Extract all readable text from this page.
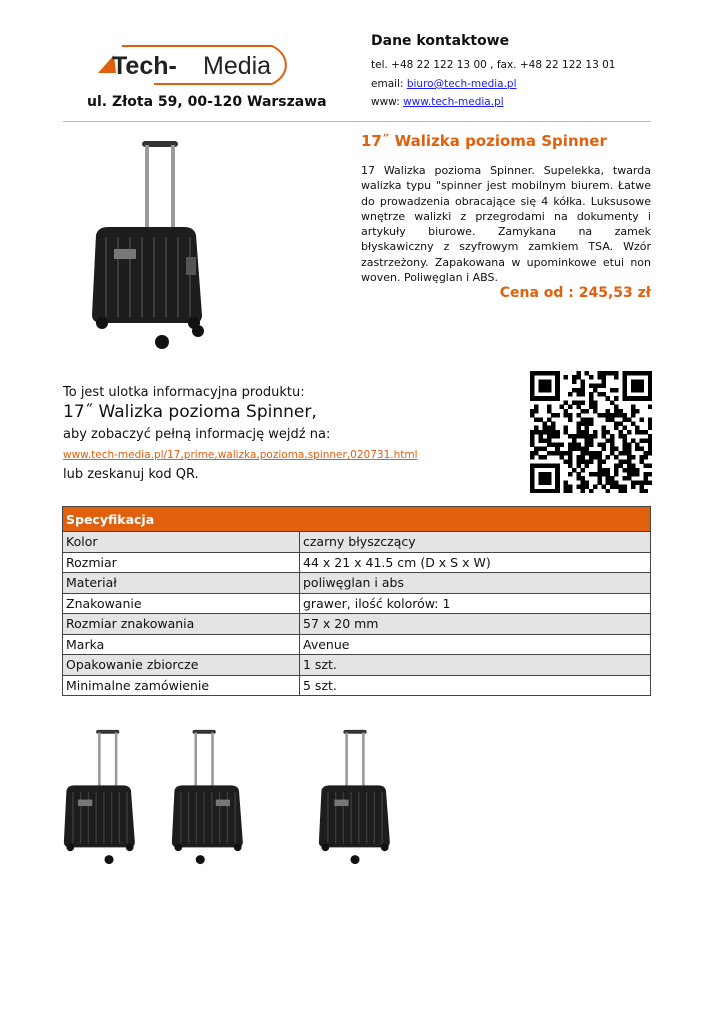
Tech- Media
ul. Złota 59, 00-120 Warszawa
Dane kontaktowe
tel. +48 22 122 13 00 , fax. +48 22 122 13 01
email: biuro@tech-media.pl
www: www.tech-media.pl
17˝ Walizka pozioma Spinner
17 Walizka pozioma Spinner. Supelekka, twarda walizka typu "spinner jest mobilnym biurem. Łatwe do prowadzenia obracające się 4 kółka. Luksusowe wnętrze walizki z przegrodami na dokumenty i artykuły biurowe. Zamykana na zamek błyskawiczny z szyfrowym zamkiem TSA. Wzór zastrzeżony. Zapakowana w upominkowe etui non woven. Poliwęglan i ABS.
Cena od : 245,53 zł
To jest ulotka informacyjna produktu:
17˝ Walizka pozioma Spinner,
aby zobaczyć pełną informację wejdź na:
www.tech-media.pl/17,prime,walizka,pozioma,spinner,020731.html
lub zeskanuj kod QR.
Specyfikacja	
Kolor	czarny błyszczący
Rozmiar	44 x 21 x 41.5 cm (D x S x W)
Materiał	poliwęglan i abs
Znakowanie	grawer, ilość kolorów: 1
Rozmiar znakowania	57 x 20 mm
Marka	Avenue
Opakowanie zbiorcze	1 szt.
Minimalne zamówienie	5 szt.
